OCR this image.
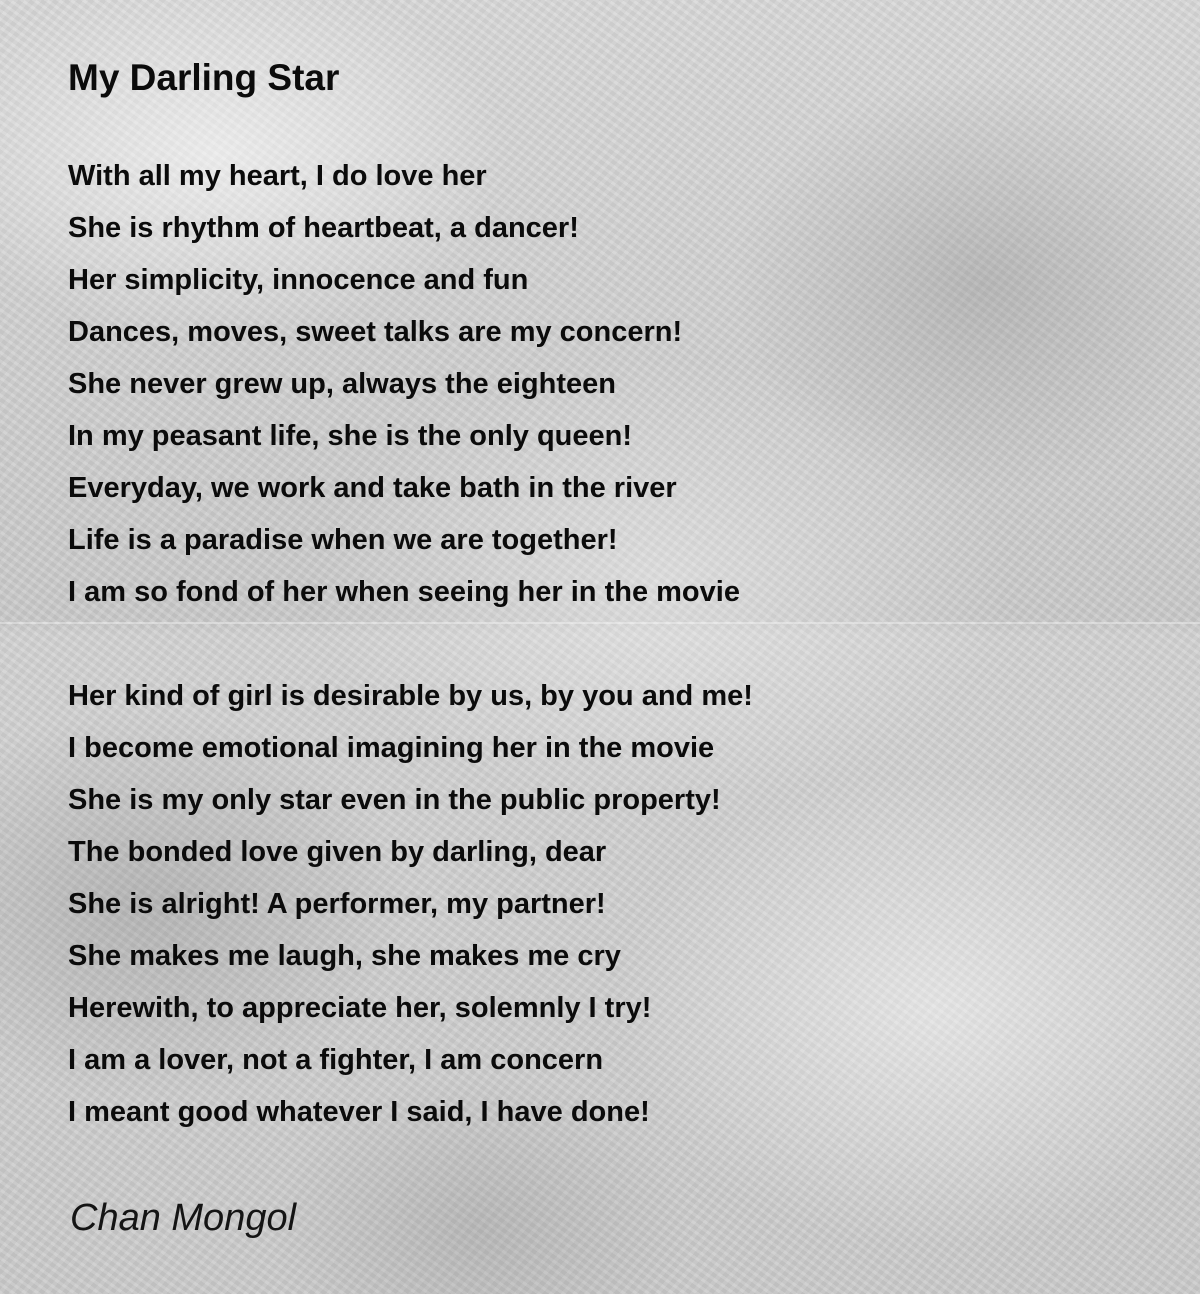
My Darling Star
With all my heart, I do love her
She is rhythm of heartbeat, a dancer!
Her simplicity, innocence and fun
Dances, moves, sweet talks are my concern!
She never grew up, always the eighteen
In my peasant life, she is the only queen!
Everyday, we work and take bath in the river
Life is a paradise when we are together!
I am so fond of her when seeing her in the movie
Her kind of girl is desirable by us, by you and me!
I become emotional imagining her in the movie
She is my only star even in the public property!
The bonded love given by darling, dear
She is alright! A performer, my partner!
She makes me laugh, she makes me cry
Herewith, to appreciate her, solemnly I try!
I am a lover, not a fighter, I am concern
I meant good whatever I said, I have done!
Chan Mongol
